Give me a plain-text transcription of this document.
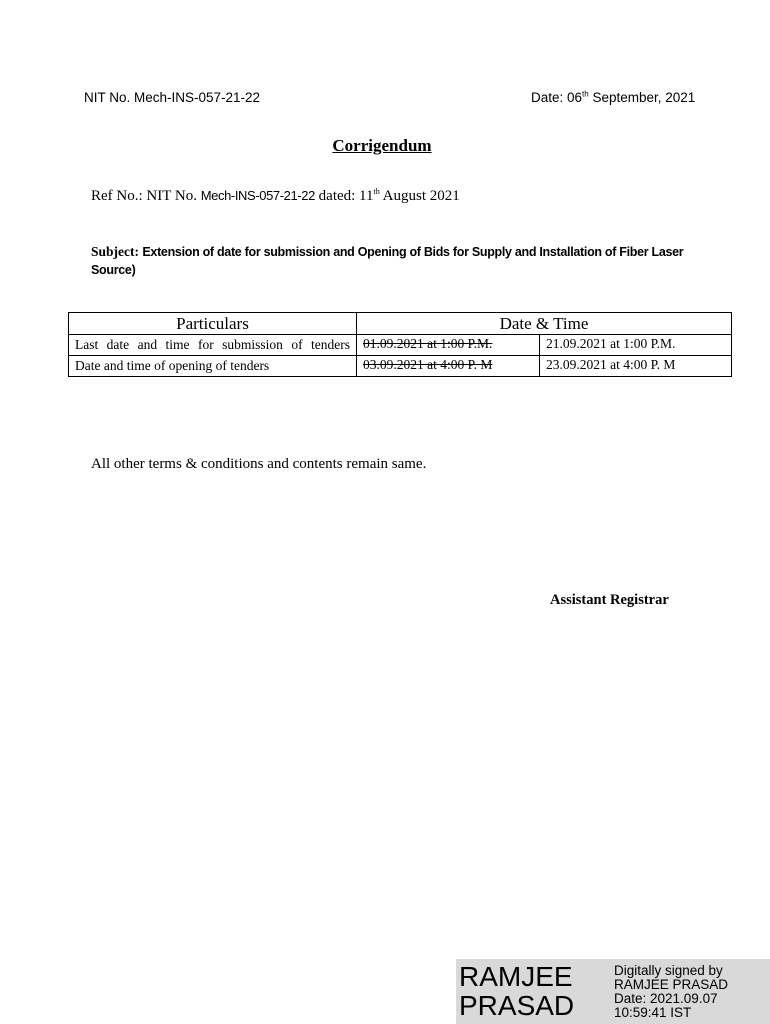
NIT No. Mech-INS-057-21-22	Date: 06th September, 2021
Corrigendum
Ref No.: NIT No. Mech-INS-057-21-22 dated: 11th August 2021
Subject: Extension of date for submission and Opening of Bids for Supply and Installation of Fiber Laser Source)
Particulars	Date & Time	
Last date and time for submission of tenders	01.09.2021 at 1:00 P.M.	21.09.2021 at 1:00 P.M.
Date and time of opening of tenders	03.09.2021 at 4:00 P. M	23.09.2021 at 4:00 P. M
All other terms & conditions and contents remain same.
Assistant Registrar
RAMJEE
PRASAD
Digitally signed by
RAMJEE PRASAD
Date: 2021.09.07
10:59:41 IST
